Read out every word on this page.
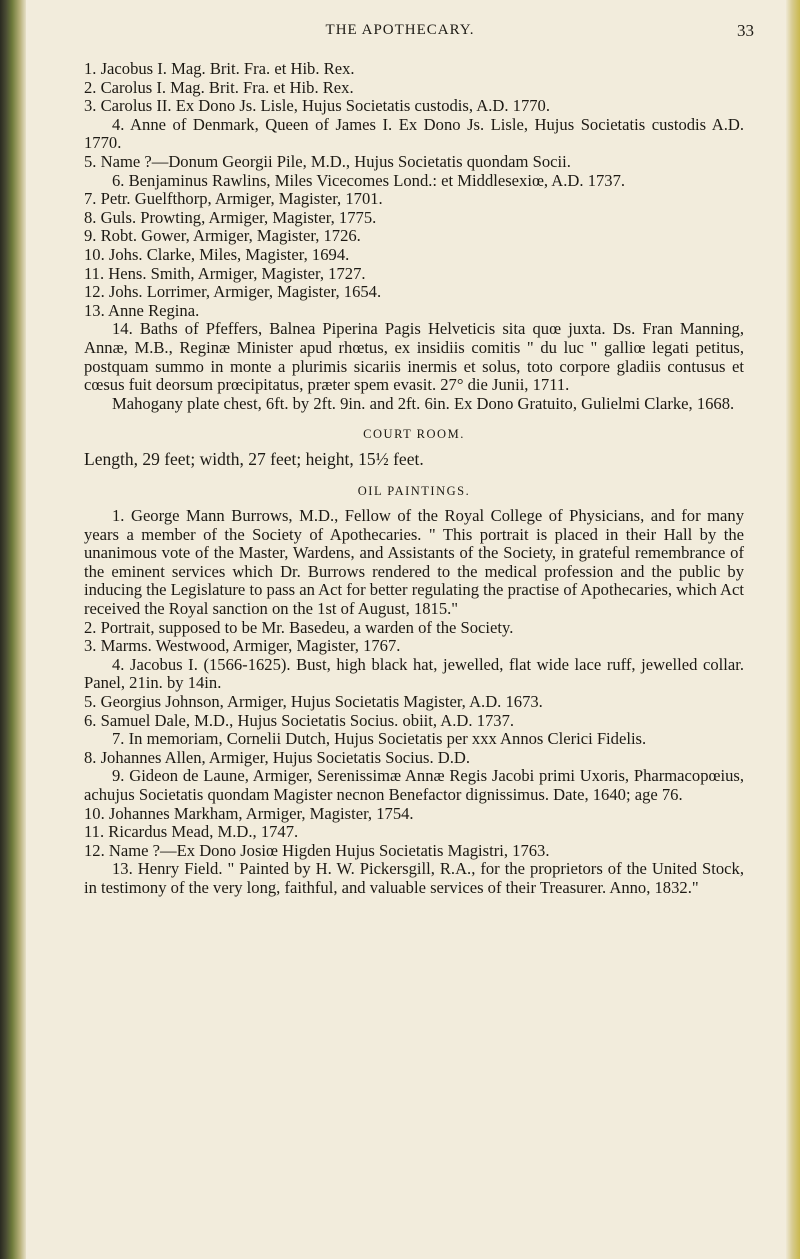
THE APOTHECARY.	33

1. Jacobus I. Mag. Brit. Fra. et Hib. Rex.

2. Carolus I. Mag. Brit. Fra. et Hib. Rex.

3. Carolus II. Ex Dono Js. Lisle, Hujus Societatis custodis, A.D. 1770.

4. Anne of Denmark, Queen of James I. Ex Dono Js. Lisle, Hujus Societatis custodis A.D. 1770.

5. Name ?—Donum Georgii Pile, M.D., Hujus Societatis quondam Socii.

6. Benjaminus Rawlins, Miles Vicecomes Lond.: et Middlesexiœ, A.D. 1737.

7. Petr. Guelfthorp, Armiger, Magister, 1701.

8. Guls. Prowting, Armiger, Magister, 1775.

9. Robt. Gower, Armiger, Magister, 1726.

10. Johs. Clarke, Miles, Magister, 1694.

11. Hens. Smith, Armiger, Magister, 1727.

12. Johs. Lorrimer, Armiger, Magister, 1654.

13. Anne Regina.

14. Baths of Pfeffers, Balnea Piperina Pagis Helveticis sita quœ juxta. Ds. Fran Manning, Annæ, M.B., Reginæ Minister apud rhœtus, ex insidiis comitis " du luc " galliœ legati petitus, postquam summo in monte a plurimis sicariis inermis et solus, toto corpore gladiis contusus et cœsus fuit deorsum prœcipitatus, præter spem evasit. 27° die Junii, 1711.

Mahogany plate chest, 6ft. by 2ft. 9in. and 2ft. 6in. Ex Dono Gratuito, Gulielmi Clarke, 1668.

COURT ROOM.

Length, 29 feet; width, 27 feet; height, 15½ feet.

OIL PAINTINGS.

1. George Mann Burrows, M.D., Fellow of the Royal College of Physicians, and for many years a member of the Society of Apothecaries. " This portrait is placed in their Hall by the unanimous vote of the Master, Wardens, and Assistants of the Society, in grateful remembrance of the eminent services which Dr. Burrows rendered to the medical profession and the public by inducing the Legislature to pass an Act for better regulating the practise of Apothecaries, which Act received the Royal sanction on the 1st of August, 1815."

2. Portrait, supposed to be Mr. Basedeu, a warden of the Society.

3. Marms. Westwood, Armiger, Magister, 1767.

4. Jacobus I. (1566-1625). Bust, high black hat, jewelled, flat wide lace ruff, jewelled collar. Panel, 21in. by 14in.

5. Georgius Johnson, Armiger, Hujus Societatis Magister, A.D. 1673.

6. Samuel Dale, M.D., Hujus Societatis Socius. obiit, A.D. 1737.

7. In memoriam, Cornelii Dutch, Hujus Societatis per xxx Annos Clerici Fidelis.

8. Johannes Allen, Armiger, Hujus Societatis Socius. D.D.

9. Gideon de Laune, Armiger, Serenissimæ Annæ Regis Jacobi primi Uxoris, Pharmacopœius, achujus Societatis quondam Magister necnon Benefactor dignissimus. Date, 1640; age 76.

10. Johannes Markham, Armiger, Magister, 1754.

11. Ricardus Mead, M.D., 1747.

12. Name ?—Ex Dono Josiœ Higden Hujus Societatis Magistri, 1763.

13. Henry Field. " Painted by H. W. Pickersgill, R.A., for the proprietors of the United Stock, in testimony of the very long, faithful, and valuable services of their Treasurer. Anno, 1832."
